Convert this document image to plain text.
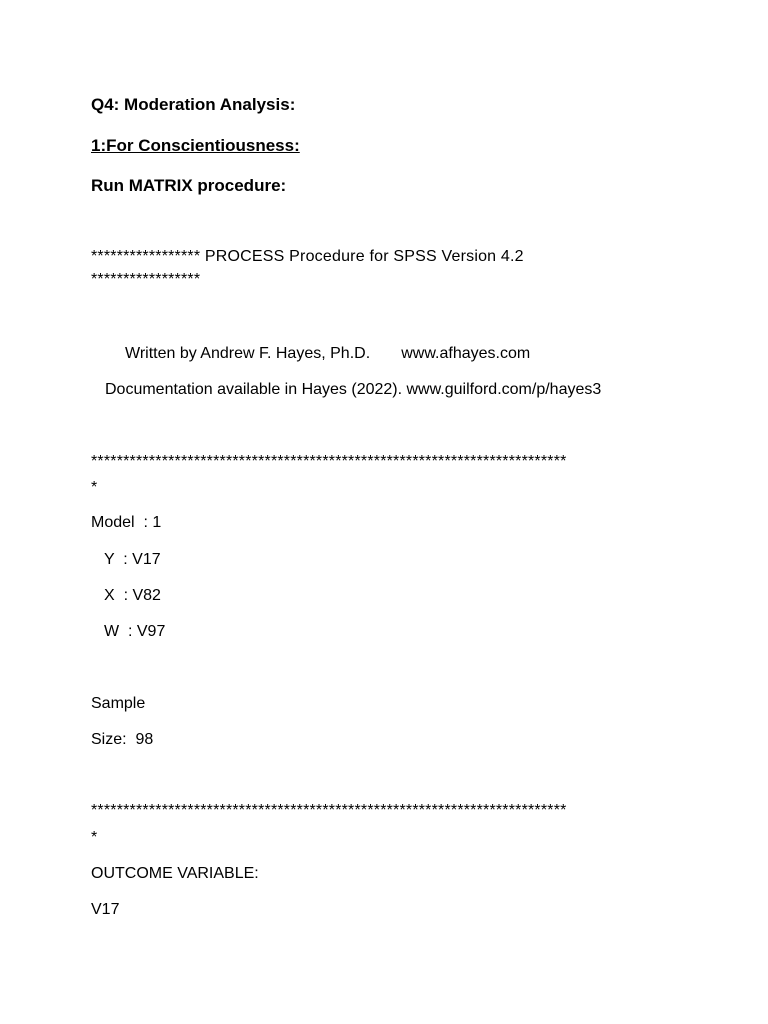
Q4: Moderation Analysis:
1:For Conscientiousness:
Run MATRIX procedure:
***************** PROCESS Procedure for SPSS Version 4.2
*****************
Written by Andrew F. Hayes, Ph.D.       www.afhayes.com
Documentation available in Hayes (2022). www.guilford.com/p/hayes3
**************************************************************************
*
Model  : 1
Y  : V17
X  : V82
W  : V97
Sample
Size:  98
**************************************************************************
*
OUTCOME VARIABLE:
V17
